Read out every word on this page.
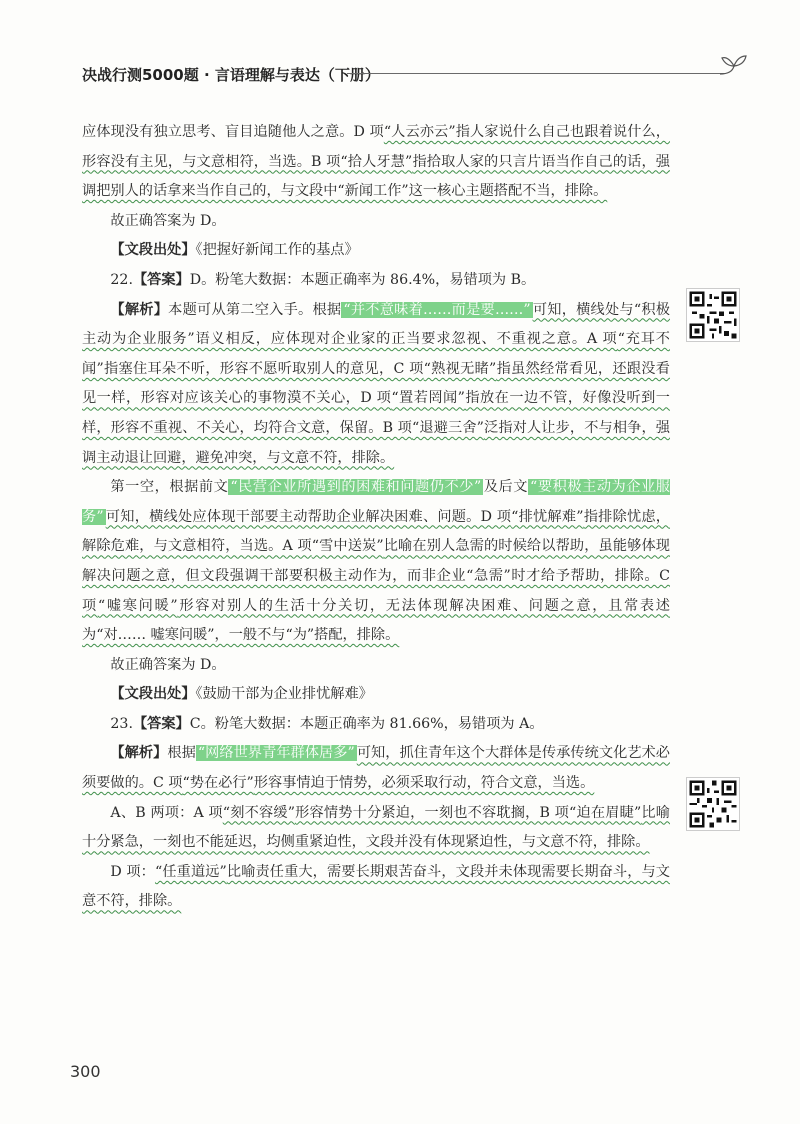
决战行测5000题 · 言语理解与表达（下册）

应体现没有独立思考、盲目追随他人之意。D 项“人云亦云”指人家说什么自己也跟着说什么，形容没有主见，与文意相符，当选。B 项“拾人牙慧”指拾取人家的只言片语当作自己的话，强调把别人的话拿来当作自己的，与文段中“新闻工作”这一核心主题搭配不当，排除。

故正确答案为 D。

【文段出处】《把握好新闻工作的基点》

22.【答案】D。粉笔大数据：本题正确率为 86.4%，易错项为 B。

【解析】本题可从第二空入手。根据 “并不意味着……而是要……” 可知，横线处与“积极主动为企业服务”语义相反，应体现对企业家的正当要求忽视、不重视之意。A 项“充耳不闻”指塞住耳朵不听，形容不愿听取别人的意见，C 项“熟视无睹”指虽然经常看见，还跟没看见一样，形容对应该关心的事物漠不关心，D 项“置若罔闻”指放在一边不管，好像没听到一样，形容不重视、不关心，均符合文意，保留。B 项“退避三舍”泛指对人让步，不与相争，强调主动退让回避，避免冲突，与文意不符，排除。

第一空，根据前文 “民营企业所遇到的困难和问题仍不少” 及后文 “要积极主动为企业服务” 可知，横线处应体现干部要主动帮助企业解决困难、问题。D 项“排忧解难”指排除忧虑，解除危难，与文意相符，当选。A 项“雪中送炭”比喻在别人急需的时候给以帮助，虽能够体现解决问题之意，但文段强调干部要积极主动作为，而非企业“急需”时才给予帮助，排除。C 项“嘘寒问暖”形容对别人的生活十分关切，无法体现解决困难、问题之意，且常表述为“对…… 嘘寒问暖”，一般不与“为”搭配，排除。

故正确答案为 D。

【文段出处】《鼓励干部为企业排忧解难》

23.【答案】C。粉笔大数据：本题正确率为 81.66%，易错项为 A。

【解析】根据 “网络世界青年群体居多” 可知，抓住青年这个大群体是传承传统文化艺术必须要做的。C 项“势在必行”形容事情迫于情势，必须采取行动，符合文意，当选。

A、B 两项：A 项“刻不容缓”形容情势十分紧迫，一刻也不容耽搁，B 项“迫在眉睫”比喻十分紧急，一刻也不能延迟，均侧重紧迫性，文段并没有体现紧迫性，与文意不符，排除。

D 项：“任重道远”比喻责任重大，需要长期艰苦奋斗，文段并未体现需要长期奋斗，与文意不符，排除。

300
